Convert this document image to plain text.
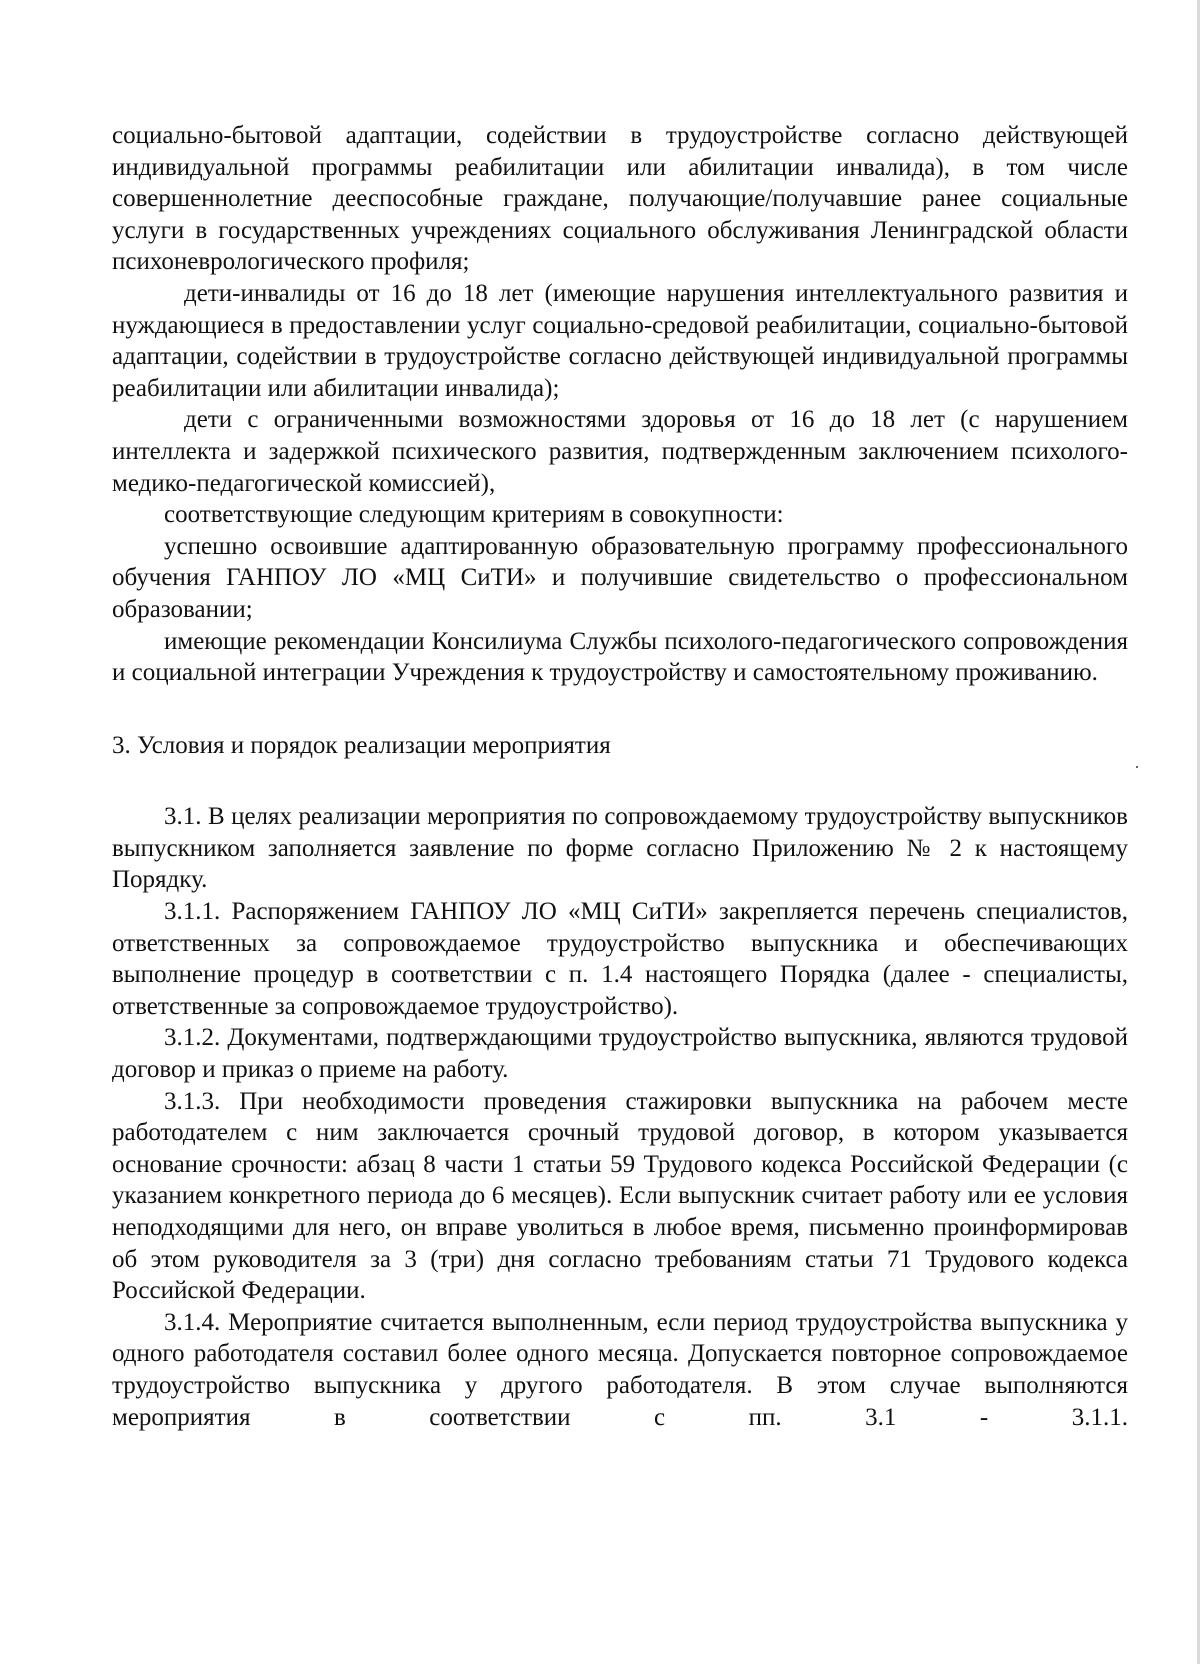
социально-бытовой адаптации, содействии в трудоустройстве согласно действующей индивидуальной программы реабилитации или абилитации инвалида), в том числе совершеннолетние дееспособные граждане, получающие/получавшие ранее социальные услуги в государственных учреждениях социального обслуживания Ленинградской области психоневрологического профиля;

дети-инвалиды от 16 до 18 лет (имеющие нарушения интеллектуального развития и нуждающиеся в предоставлении услуг социально-средовой реабилитации, социально-бытовой адаптации, содействии в трудоустройстве согласно действующей индивидуальной программы реабилитации или абилитации инвалида);

дети с ограниченными возможностями здоровья от 16 до 18 лет (с нарушением интеллекта и задержкой психического развития, подтвержденным заключением психолого-медико-педагогической комиссией),

соответствующие следующим критериям в совокупности:

успешно освоившие адаптированную образовательную программу профессионального обучения ГАНПОУ ЛО «МЦ СиТИ» и получившие свидетельство о профессиональном образовании;

имеющие рекомендации Консилиума Службы психолого-педагогического сопровождения и социальной интеграции Учреждения к трудоустройству и самостоятельному проживанию.

3. Условия и порядок реализации мероприятия

3.1. В целях реализации мероприятия по сопровождаемому трудоустройству выпускников выпускником заполняется заявление по форме согласно Приложению № 2 к настоящему Порядку.

3.1.1. Распоряжением ГАНПОУ ЛО «МЦ СиТИ» закрепляется перечень специалистов, ответственных за сопровождаемое трудоустройство выпускника и обеспечивающих выполнение процедур в соответствии с п. 1.4 настоящего Порядка (далее - специалисты, ответственные за сопровождаемое трудоустройство).

3.1.2. Документами, подтверждающими трудоустройство выпускника, являются трудовой договор и приказ о приеме на работу.

3.1.3. При необходимости проведения стажировки выпускника на рабочем месте работодателем с ним заключается срочный трудовой договор, в котором указывается основание срочности: абзац 8 части 1 статьи 59 Трудового кодекса Российской Федерации (с указанием конкретного периода до 6 месяцев). Если выпускник считает работу или ее условия неподходящими для него, он вправе уволиться в любое время, письменно проинформировав об этом руководителя за 3 (три) дня согласно требованиям статьи 71 Трудового кодекса Российской Федерации.

3.1.4. Мероприятие считается выполненным, если период трудоустройства выпускника у одного работодателя составил более одного месяца. Допускается повторное сопровождаемое трудоустройство выпускника у другого работодателя. В этом случае выполняются мероприятия в соответствии с пп. 3.1 - 3.1.1.
